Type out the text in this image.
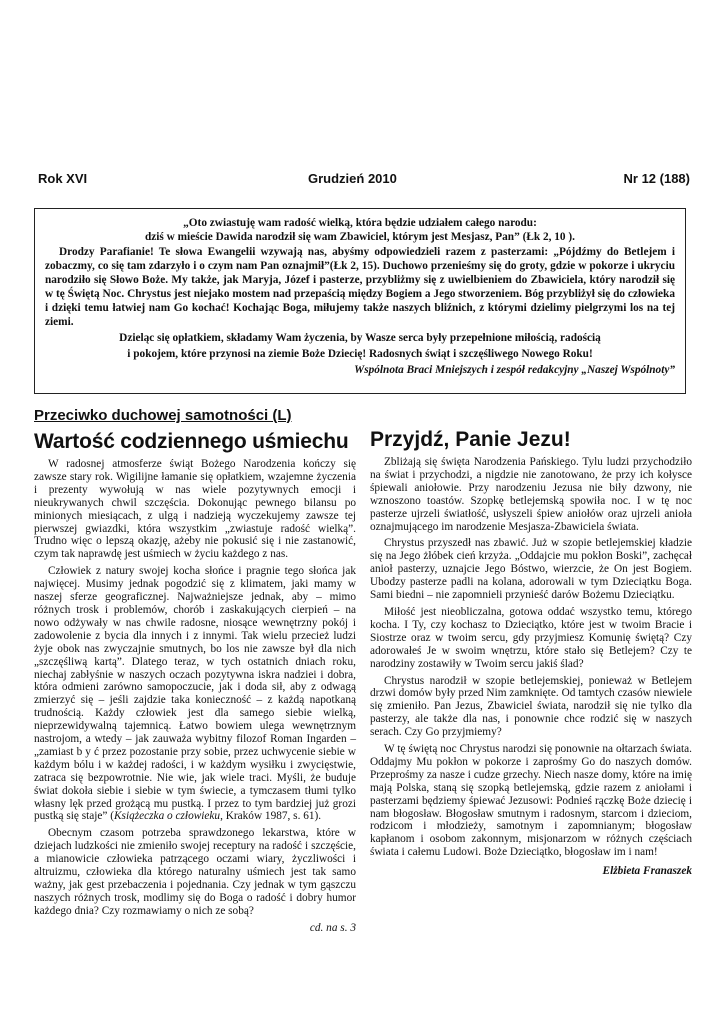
Rok XVI	Grudzień 2010	Nr 12 (188)

„Oto zwiastuję wam radość wielką, która będzie udziałem całego narodu:

dziś w mieście Dawida narodził się wam Zbawiciel, którym jest Mesjasz, Pan” (Łk 2, 10 ).

Drodzy Parafianie! Te słowa Ewangelii wzywają nas, abyśmy odpowiedzieli razem z pasterzami: „Pójdźmy do Betlejem i zobaczmy, co się tam zdarzyło i o czym nam Pan oznajmił”(Łk 2, 15). Duchowo przenieśmy się do groty, gdzie w pokorze i ukryciu narodziło się Słowo Boże. My także, jak Maryja, Józef i pasterze, przybliżmy się z uwielbieniem do Zbawiciela, który narodził się w tę Świętą Noc. Chrystus jest niejako mostem nad przepaścią między Bogiem a Jego stworzeniem. Bóg przybliżył się do człowieka i dzięki temu łatwiej nam Go kochać! Kochając Boga, miłujemy także naszych bliźnich, z którymi dzielimy pielgrzymi los na tej ziemi.

Dzieląc się opłatkiem, składamy Wam życzenia, by Wasze serca były przepełnione miłością, radością

i pokojem, które przynosi na ziemie Boże Dziecię! Radosnych świąt i szczęśliwego Nowego Roku!

Wspólnota Braci Mniejszych i zespół redakcyjny „Naszej Wspólnoty”

Przeciwko duchowej samotności (L)

Wartość codziennego uśmiechu

W radosnej atmosferze świąt Bożego Narodzenia kończy się zawsze stary rok. Wigilijne łamanie się opłatkiem, wzajemne życzenia i prezenty wywołują w nas wiele pozytywnych emocji i nieukrywanych chwil szczęścia. Dokonując pewnego bilansu po minionych miesiącach, z ulgą i nadzieją wyczekujemy zawsze tej pierwszej gwiazdki, która wszystkim „zwiastuje radość wielką”. Trudno więc o lepszą okazję, ażeby nie pokusić się i nie zastanowić, czym tak naprawdę jest uśmiech w życiu każdego z nas.

Człowiek z natury swojej kocha słońce i pragnie tego słońca jak najwięcej. Musimy jednak pogodzić się z klimatem, jaki mamy w naszej sferze geograficznej. Najważniejsze jednak, aby – mimo różnych trosk i problemów, chorób i zaskakujących cierpień – na nowo odżywały w nas chwile radosne, niosące wewnętrzny pokój i zadowolenie z bycia dla innych i z innymi. Tak wielu przecież ludzi żyje obok nas zwyczajnie smutnych, bo los nie zawsze był dla nich „szczęśliwą kartą”. Dlatego teraz, w tych ostatnich dniach roku, niechaj zabłyśnie w naszych oczach pozytywna iskra nadziei i dobra, która odmieni zarówno samopoczucie, jak i doda sił, aby z odwagą zmierzyć się – jeśli zajdzie taka konieczność – z każdą napotkaną trudnością. Każdy człowiek jest dla samego siebie wielką, nieprzewidywalną tajemnicą. Łatwo bowiem ulega wewnętrznym nastrojom, a wtedy – jak zauważa wybitny filozof Roman Ingarden – „zamiast b y ć przez pozostanie przy sobie, przez uchwycenie siebie w każdym bólu i w każdej radości, i w każdym wysiłku i zwycięstwie, zatraca się bezpowrotnie. Nie wie, jak wiele traci. Myśli, że buduje świat dokoła siebie i siebie w tym świecie, a tymczasem tłumi tylko własny lęk przed grożącą mu pustką. I przez to tym bardziej już grozi pustką się staje” (Książeczka o człowieku, Kraków 1987, s. 61).

Obecnym czasom potrzeba sprawdzonego lekarstwa, które w dziejach ludzkości nie zmieniło swojej receptury na radość i szczęście, a mianowicie człowieka patrzącego oczami wiary, życzliwości i altruizmu, człowieka dla którego naturalny uśmiech jest tak samo ważny, jak gest przebaczenia i pojednania. Czy jednak w tym gąszczu naszych różnych trosk, modlimy się do Boga o radość i dobry humor każdego dnia? Czy rozmawiamy o nich ze sobą?

cd. na s. 3

Przyjdź, Panie Jezu!

Zbliżają się święta Narodzenia Pańskiego. Tylu ludzi przychodziło na świat i przychodzi, a nigdzie nie zanotowano, że przy ich kołysce śpiewali aniołowie. Przy narodzeniu Jezusa nie biły dzwony, nie wznoszono toastów. Szopkę betlejemską spowiła noc. I w tę noc pasterze ujrzeli światłość, usłyszeli śpiew aniołów oraz ujrzeli anioła oznajmującego im narodzenie Mesjasza-Zbawiciela świata.

Chrystus przyszedł nas zbawić. Już w szopie betlejemskiej kładzie się na Jego żłóbek cień krzyża. „Oddajcie mu pokłon Boski”, zachęcał anioł pasterzy, uznajcie Jego Bóstwo, wierzcie, że On jest Bogiem. Ubodzy pasterze padli na kolana, adorowali w tym Dzieciątku Boga. Sami biedni – nie zapomnieli przynieść darów Bożemu Dzieciątku.

Miłość jest nieobliczalna, gotowa oddać wszystko temu, którego kocha. I Ty, czy kochasz to Dzieciątko, które jest w twoim Bracie i Siostrze oraz w twoim sercu, gdy przyjmiesz Komunię świętą? Czy adorowałeś Je w swoim wnętrzu, które stało się Betlejem? Czy te narodziny zostawiły w Twoim sercu jakiś ślad?

Chrystus narodził w szopie betlejemskiej, ponieważ w Betlejem drzwi domów były przed Nim zamknięte. Od tamtych czasów niewiele się zmieniło. Pan Jezus, Zbawiciel świata, narodził się nie tylko dla pasterzy, ale także dla nas, i ponownie chce rodzić się w naszych serach. Czy Go przyjmiemy?

W tę świętą noc Chrystus narodzi się ponownie na ołtarzach świata. Oddajmy Mu pokłon w pokorze i zaprośmy Go do naszych domów. Przeprośmy za nasze i cudze grzechy. Niech nasze domy, które na imię mają Polska, staną się szopką betlejemską, gdzie razem z aniołami i pasterzami będziemy śpiewać Jezusowi: Podnieś rączkę Boże dziecię i nam błogosław. Błogosław smutnym i radosnym, starcom i dzieciom, rodzicom i młodzieży, samotnym i zapomnianym; błogosław kapłanom i osobom zakonnym, misjonarzom w różnych częściach świata i całemu Ludowi. Boże Dzieciątko, błogosław im i nam!

Elżbieta Franaszek
